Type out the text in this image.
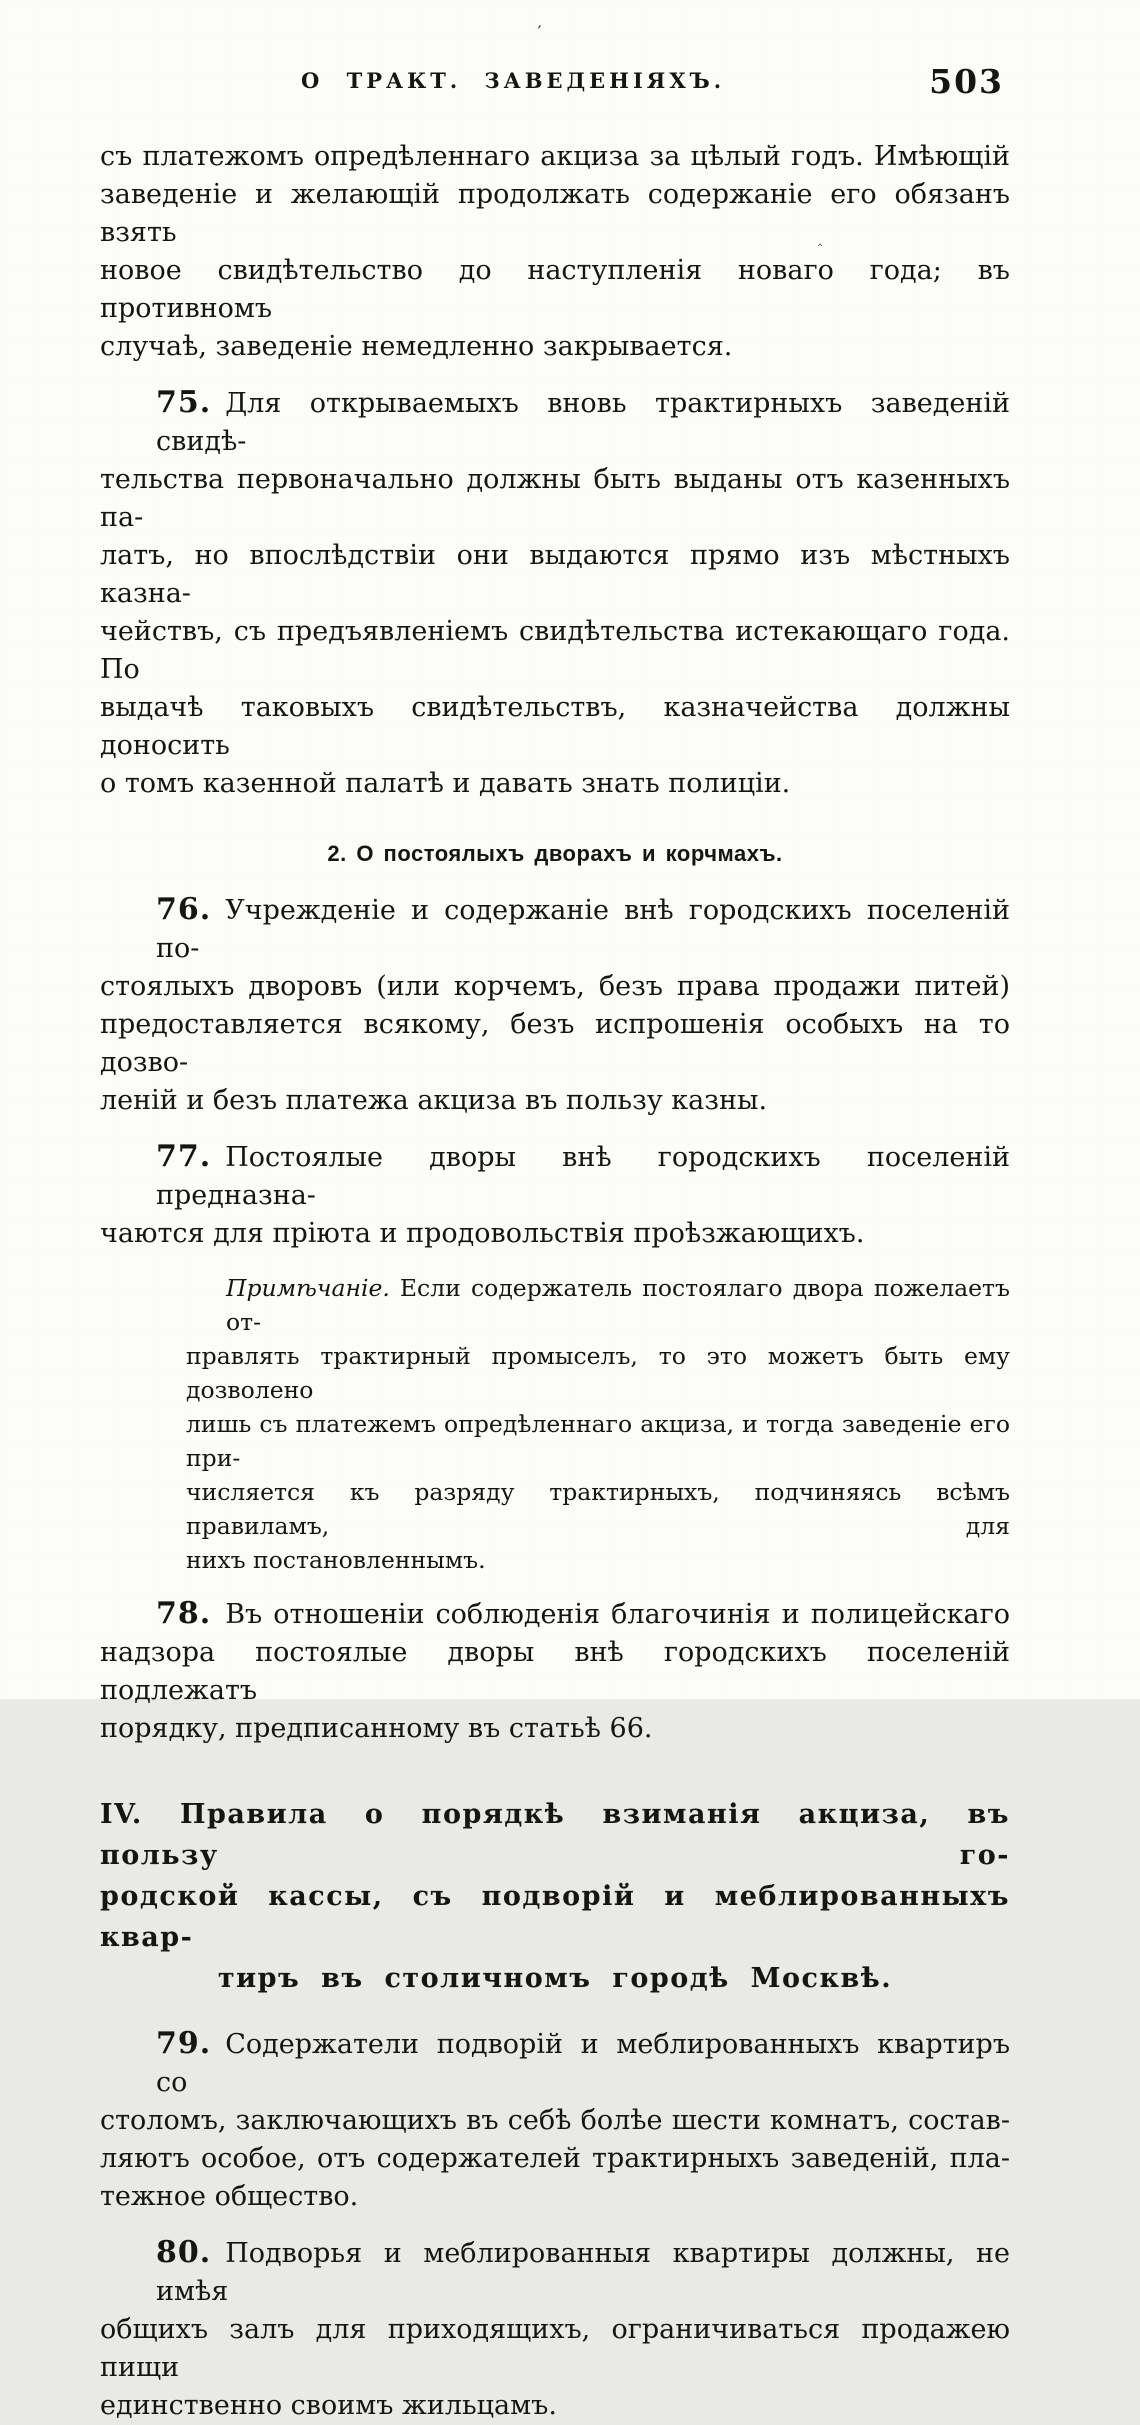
’
‸
О ТРАКТ. ЗАВЕДЕНІЯХЪ.	503
съ платежомъ опредѣленнаго акциза за цѣлый годъ. Имѣющій
заведеніе и желающій продолжать содержаніе его обязанъ взять
новое свидѣтельство до наступленія новаго года; въ противномъ
случаѣ, заведеніе немедленно закрывается.
75. Для открываемыхъ вновь трактирныхъ заведеній свидѣ-
тельства первоначально должны быть выданы отъ казенныхъ па-
латъ, но впослѣдствіи они выдаются прямо изъ мѣстныхъ казна-
чействъ, съ предъявленіемъ свидѣтельства истекающаго года. По
выдачѣ таковыхъ свидѣтельствъ, казначейства должны доносить
о томъ казенной палатѣ и давать знать полиціи.
2. О постоялыхъ дворахъ и корчмахъ.
76. Учрежденіе и содержаніе внѣ городскихъ поселеній по-
стоялыхъ дворовъ (или корчемъ, безъ права продажи питей)
предоставляется всякому, безъ испрошенія особыхъ на то дозво-
леній и безъ платежа акциза въ пользу казны.
77. Постоялые дворы внѣ городскихъ поселеній предназна-
чаются для пріюта и продовольствія проѣзжающихъ.
Примѣчаніе. Если содержатель постоялаго двора пожелаетъ от-
правлять трактирный промыселъ, то это можетъ быть ему дозволено
лишь съ платежемъ опредѣленнаго акциза, и тогда заведеніе его при-
числяется къ разряду трактирныхъ, подчиняясь всѣмъ правиламъ, для
нихъ постановленнымъ.
78. Въ отношеніи соблюденія благочинія и полицейскаго
надзора постоялые дворы внѣ городскихъ поселеній подлежатъ
порядку, предписанному въ статьѣ 66.
IV. Правила о порядкѣ взиманія акциза, въ пользу го-
родской кассы, съ подворій и меблированныхъ квар-
тиръ въ столичномъ городѣ Москвѣ.
79. Содержатели подворій и меблированныхъ квартиръ со
столомъ, заключающихъ въ себѣ болѣе шести комнатъ, состав-
ляютъ особое, отъ содержателей трактирныхъ заведеній, пла-
тежное общество.
80. Подворья и меблированныя квартиры должны, не имѣя
общихъ залъ для приходящихъ, ограничиваться продажею пищи
единственно своимъ жильцамъ.
